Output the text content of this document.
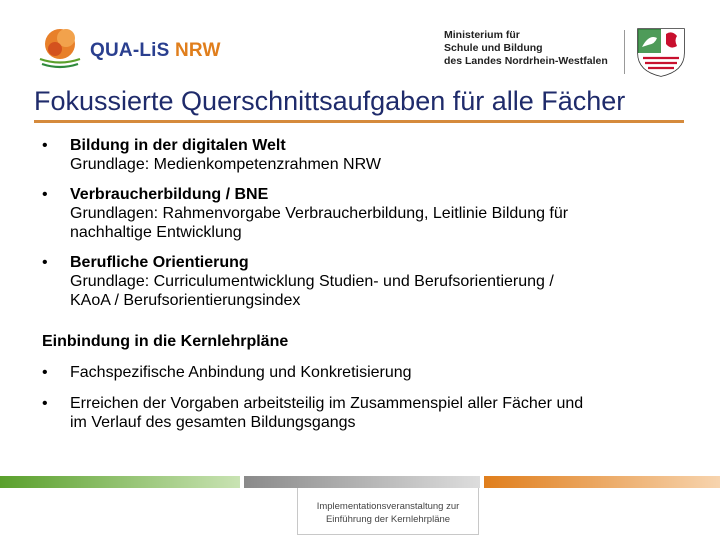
QUA-LiS NRW
Ministerium für
Schule und Bildung
des Landes Nordrhein-Westfalen
Fokussierte Querschnittsaufgaben für alle Fächer
• Bildung in der digitalen Welt
Grundlage: Medienkompetenzrahmen NRW
• Verbraucherbildung / BNE
Grundlagen: Rahmenvorgabe Verbraucherbildung, Leitlinie Bildung für
nachhaltige Entwicklung
• Berufliche Orientierung
Grundlage: Curriculumentwicklung Studien- und Berufsorientierung /
KAoA / Berufsorientierungsindex
Einbindung in die Kernlehrpläne
• Fachspezifische Anbindung und Konkretisierung
• Erreichen der Vorgaben arbeitsteilig im Zusammenspiel aller Fächer und
im Verlauf des gesamten Bildungsgangs
Implementationsveranstaltung zur
Einführung der Kernlehrpläne
